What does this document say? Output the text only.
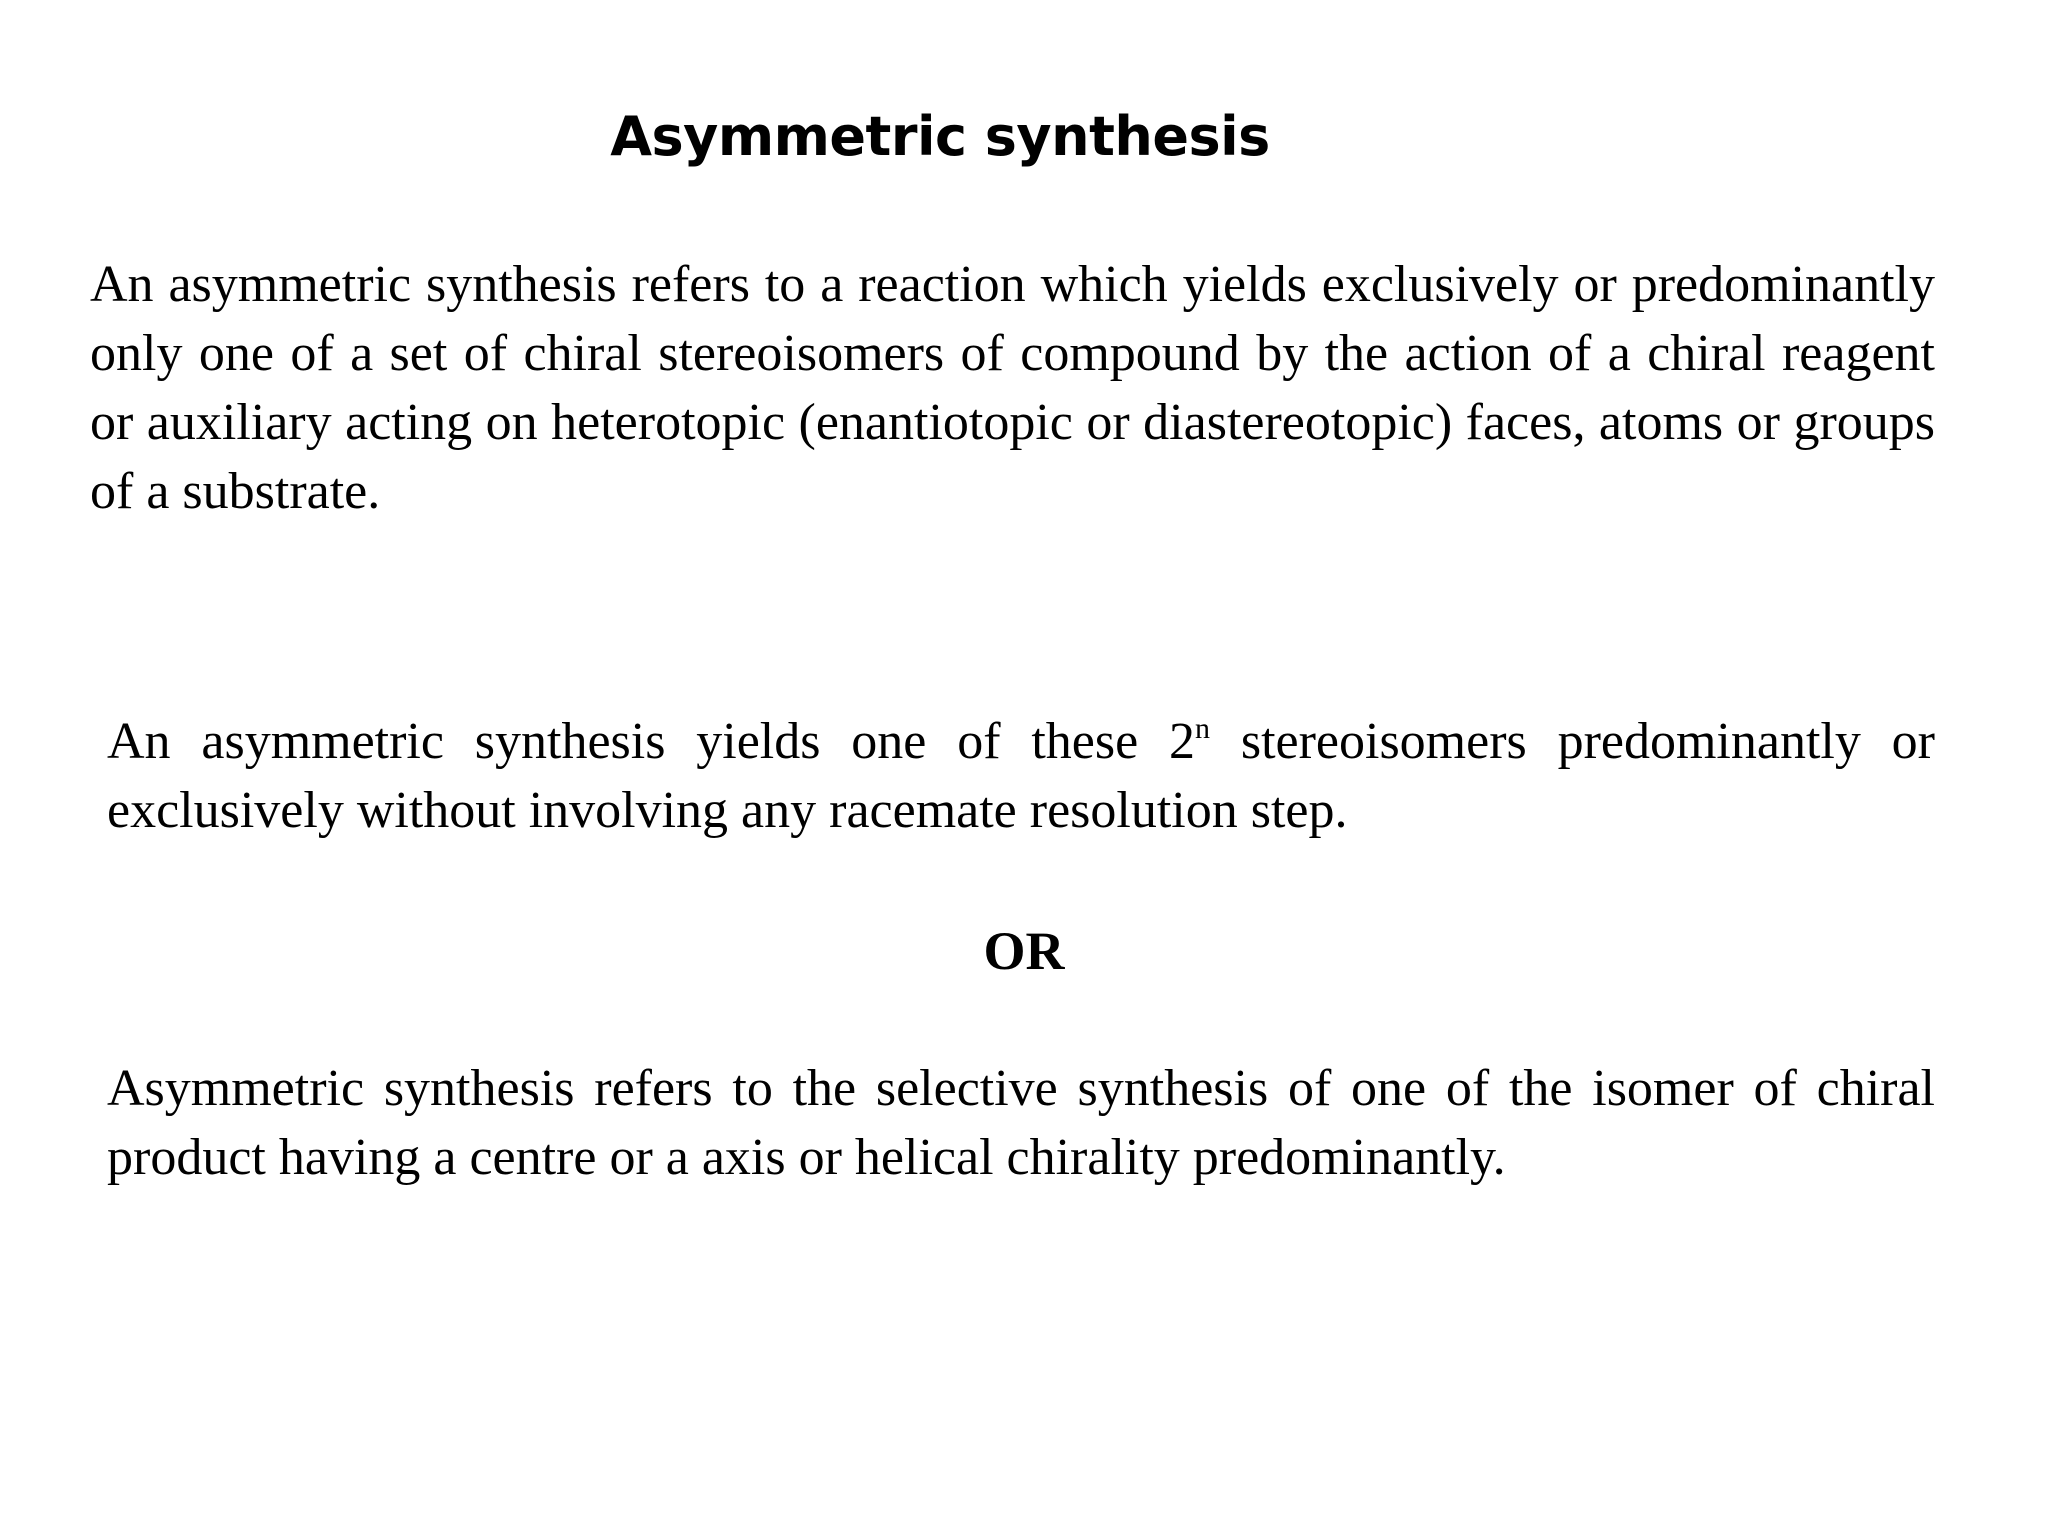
Asymmetric synthesis

An asymmetric synthesis refers to a reaction which yields exclusively or predominantly only one of a set of chiral stereoisomers of compound by the action of a chiral reagent or auxiliary acting on heterotopic (enantiotopic or diastereotopic) faces, atoms or groups of a substrate.

An asymmetric synthesis yields one of these 2$^n$ stereoisomers predominantly or exclusively without involving any racemate resolution step.

OR

Asymmetric synthesis refers to the selective synthesis of one of the isomer of chiral product having a centre or a axis or helical chirality predominantly.
